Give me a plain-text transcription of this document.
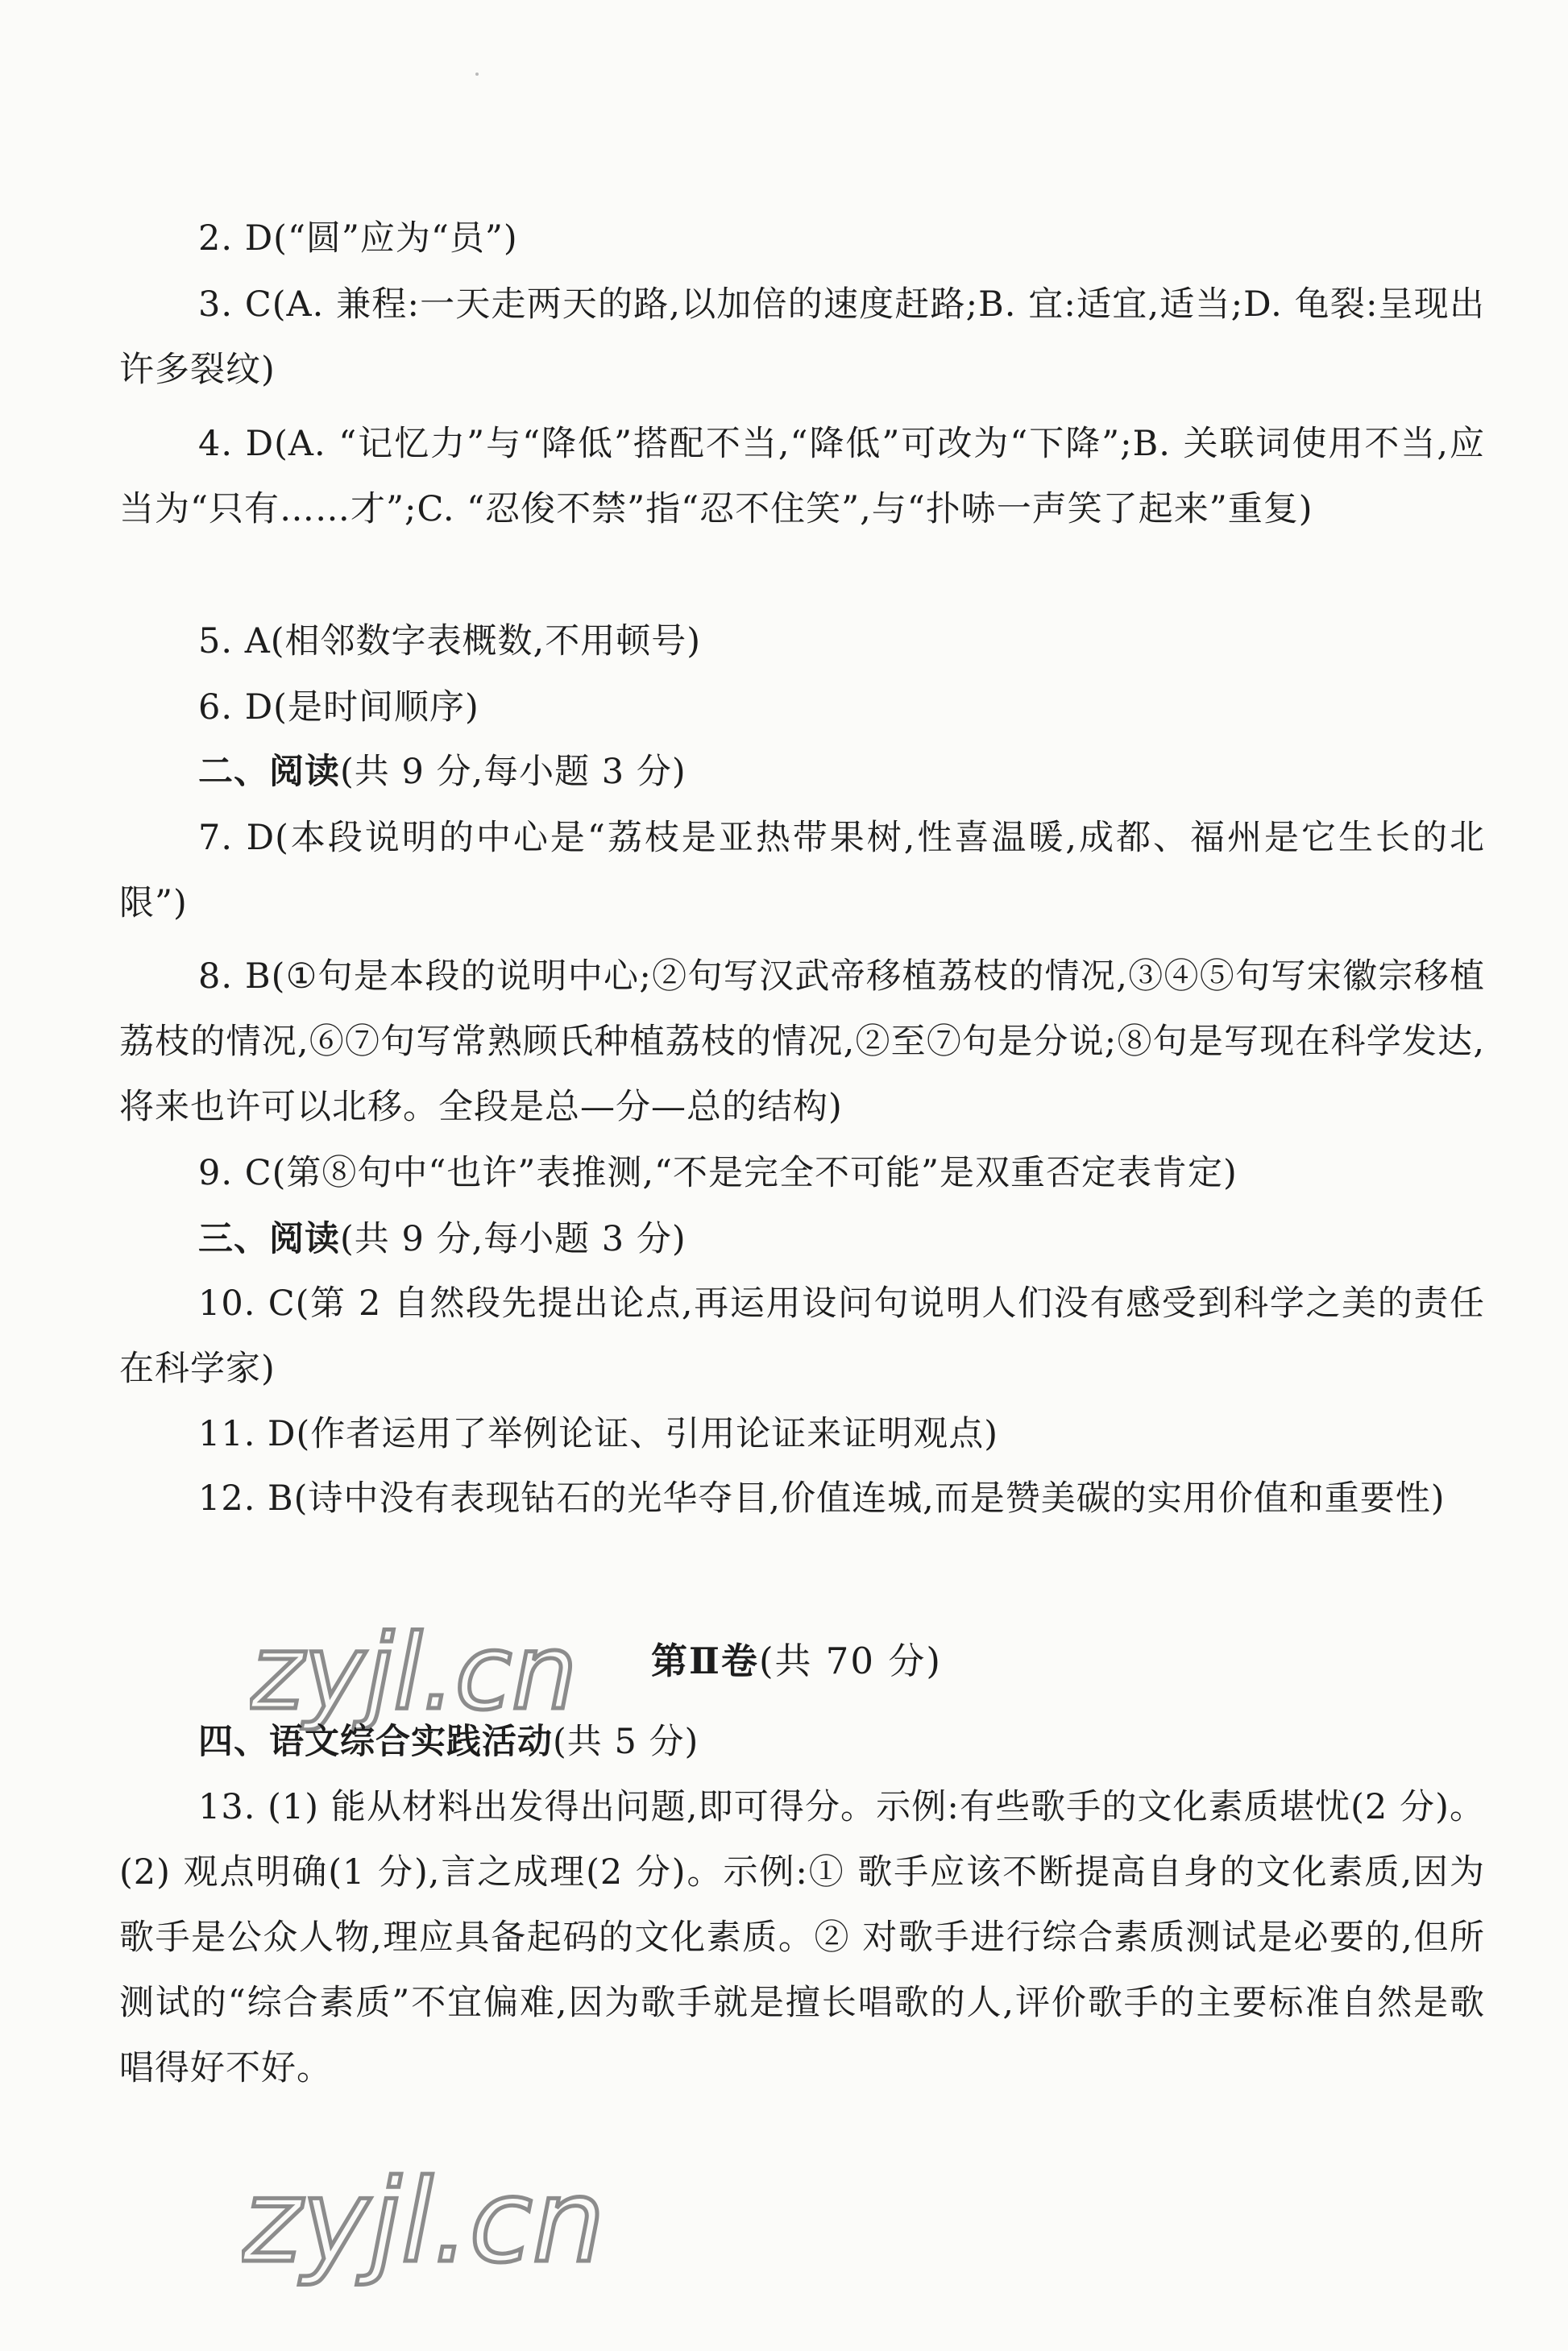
2. D(“圆”应为“员”)
3. C(A. 兼程:一天走两天的路,以加倍的速度赶路;B. 宜:适宜,适当;D. 龟裂:呈现出许多裂纹)
4. D(A. “记忆力”与“降低”搭配不当,“降低”可改为“下降”;B. 关联词使用不当,应当为“只有……才”;C. “忍俊不禁”指“忍不住笑”,与“扑哧一声笑了起来”重复)
5. A(相邻数字表概数,不用顿号)
6. D(是时间顺序)
二、阅读(共 9 分,每小题 3 分)
7. D(本段说明的中心是“荔枝是亚热带果树,性喜温暖,成都、福州是它生长的北限”)
8. B(①句是本段的说明中心;②句写汉武帝移植荔枝的情况,③④⑤句写宋徽宗移植荔枝的情况,⑥⑦句写常熟顾氏种植荔枝的情况,②至⑦句是分说;⑧句是写现在科学发达,将来也许可以北移。全段是总—分—总的结构)
9. C(第⑧句中“也许”表推测,“不是完全不可能”是双重否定表肯定)
三、阅读(共 9 分,每小题 3 分)
10. C(第 2 自然段先提出论点,再运用设问句说明人们没有感受到科学之美的责任在科学家)
11. D(作者运用了举例论证、引用论证来证明观点)
12. B(诗中没有表现钻石的光华夺目,价值连城,而是赞美碳的实用价值和重要性)
zyjl.cn 第Ⅱ卷(共 70 分)
四、语文综合实践活动(共 5 分)
13. (1) 能从材料出发得出问题,即可得分。示例:有些歌手的文化素质堪忧(2 分)。(2) 观点明确(1 分),言之成理(2 分)。示例:① 歌手应该不断提高自身的文化素质,因为歌手是公众人物,理应具备起码的文化素质。② 对歌手进行综合素质测试是必要的,但所测试的“综合素质”不宜偏难,因为歌手就是擅长唱歌的人,评价歌手的主要标准自然是歌唱得好不好。
zyjl.cn
